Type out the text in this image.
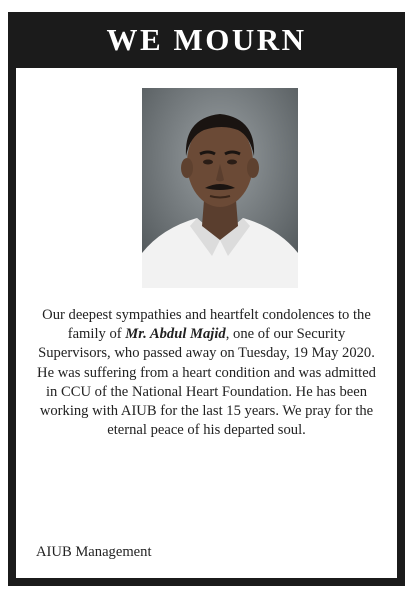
WE MOURN
Our deepest sympathies and heartfelt condolences to the family of Mr. Abdul Majid, one of our Security Supervisors, who passed away on Tuesday, 19 May 2020. He was suffering from a heart condition and was admitted in CCU of the National Heart Foundation. He has been working with AIUB for the last 15 years. We pray for the eternal peace of his departed soul.
AIUB Management
